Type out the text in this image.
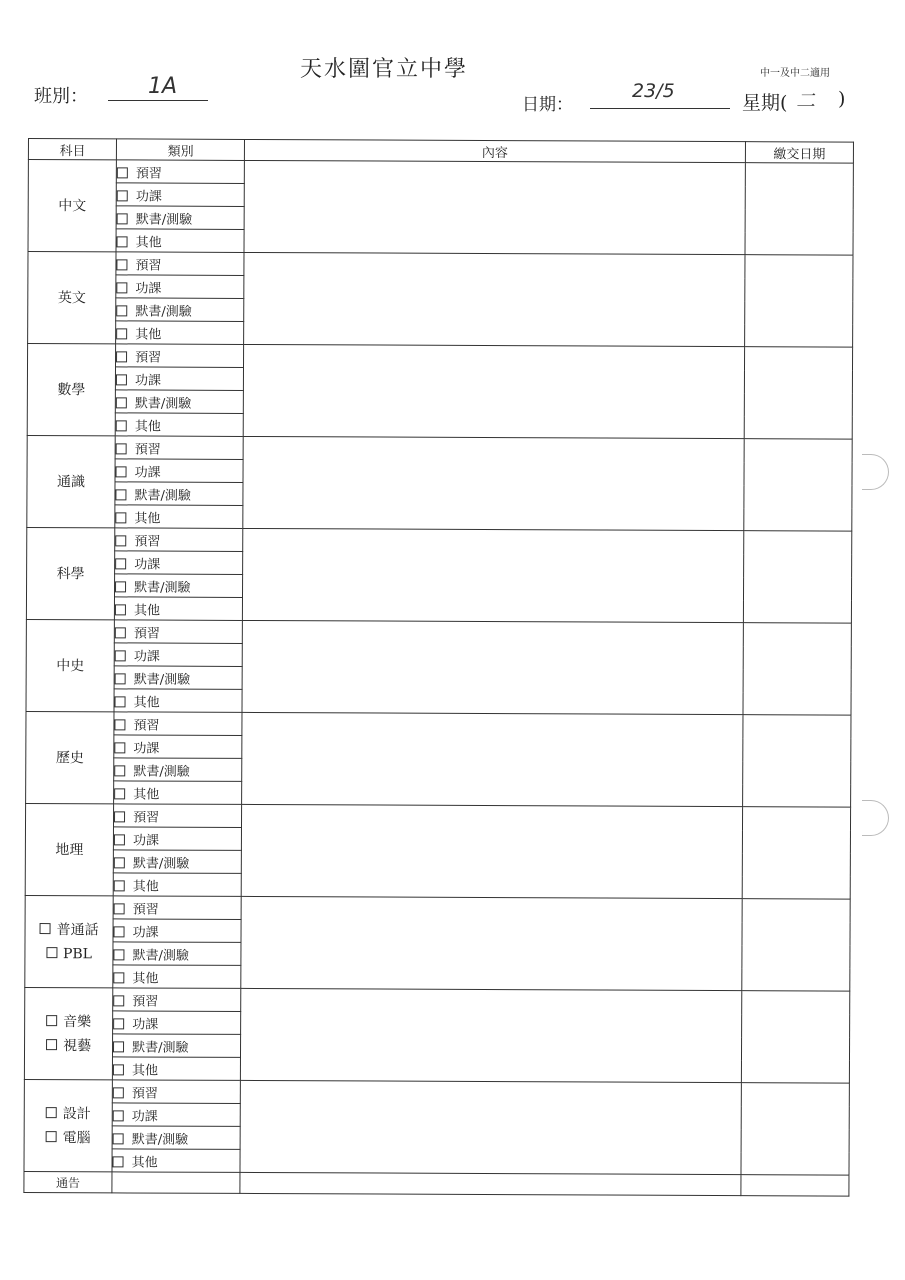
天水圍官立中學	中一及中二適用
班別：	1A
日期：
23/5
星期( 二 )
科目	類別	內容	繳交日期

中文	預習		
	功課		
	默書/測驗		
	其他		

英文	預習		
	功課		
	默書/測驗		
	其他		

數學	預習		
	功課		
	默書/測驗		
	其他		

通識	預習		
	功課		
	默書/測驗		
	其他		

科學	預習		
	功課		
	默書/測驗		
	其他		

中史	預習		
	功課		
	默書/測驗		
	其他		

歷史	預習		
	功課		
	默書/測驗		
	其他		

地理	預習		
	功課		
	默書/測驗		
	其他		

普通話
PBL	預習		
	功課		
	默書/測驗		
	其他		

音樂
視藝	預習		
	功課		
	默書/測驗		
	其他		

設計
電腦	預習		
	功課		
	默書/測驗		
	其他		
通告			
